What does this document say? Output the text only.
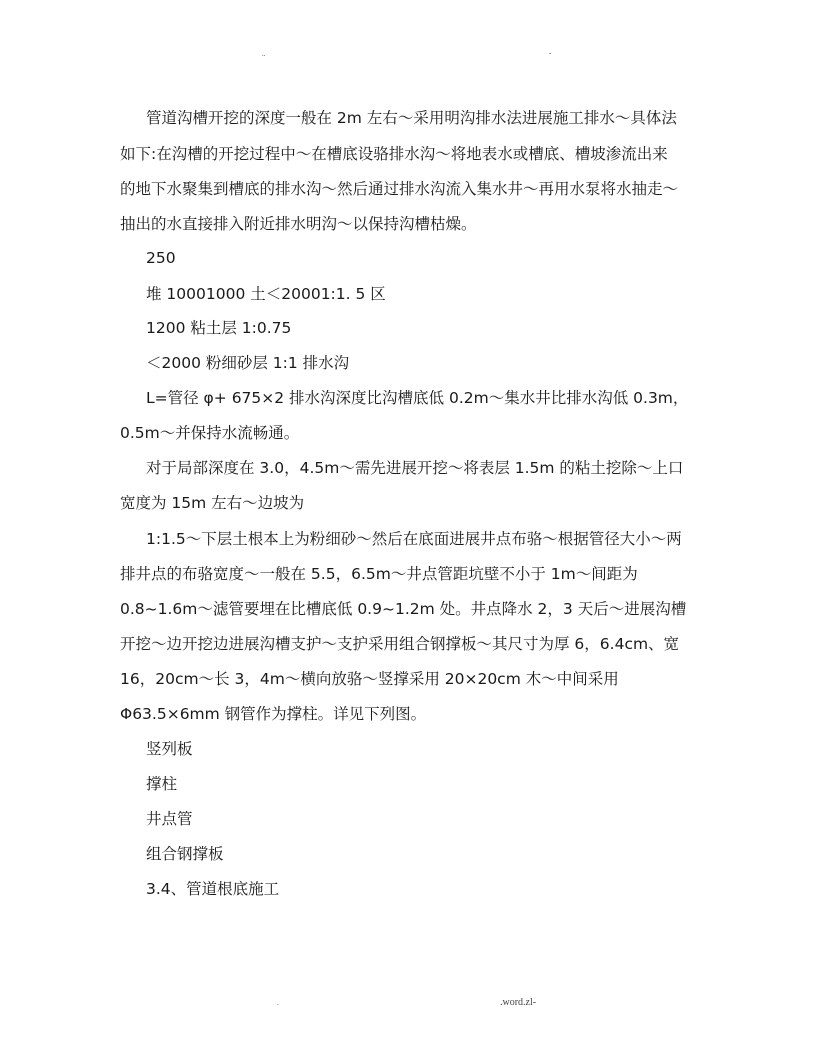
..	-
管道沟槽开挖的深度一般在 2m 左右～采用明沟排水法进展施工排水～具体法
如下:在沟槽的开挖过程中～在槽底设骆排水沟～将地表水或槽底、槽坡渗流出来
的地下水聚集到槽底的排水沟～然后通过排水沟流入集水井～再用水泵将水抽走～
抽出的水直接排入附近排水明沟～以保持沟槽枯燥。
250
堆 10001000 土＜20001:1. 5 区
1200 粘土层 1:0.75
＜2000 粉细砂层 1:1 排水沟
L=管径 φ+ 675×2 排水沟深度比沟槽底低 0.2m～集水井比排水沟低 0.3m，
0.5m～并保持水流畅通。
对于局部深度在 3.0，4.5m～需先进展开挖～将表层 1.5m 的粘土挖除～上口
宽度为 15m 左右～边坡为
1:1.5～下层土根本上为粉细砂～然后在底面进展井点布骆～根据管径大小～两
排井点的布骆宽度～一般在 5.5，6.5m～井点管距坑壁不小于 1m～间距为
0.8~1.6m～滤管要埋在比槽底低 0.9~1.2m 处。井点降水 2，3 天后～进展沟槽
开挖～边开挖边进展沟槽支护～支护采用组合钢撑板～其尺寸为厚 6，6.4cm、宽
16，20cm～长 3，4m～横向放骆～竖撑采用 20×20cm 木～中间采用
Φ63.5×6mm 钢管作为撑柱。详见下列图。
竖列板
撑柱
井点管
组合钢撑板
3.4、管道根底施工
.	.word.zl-
